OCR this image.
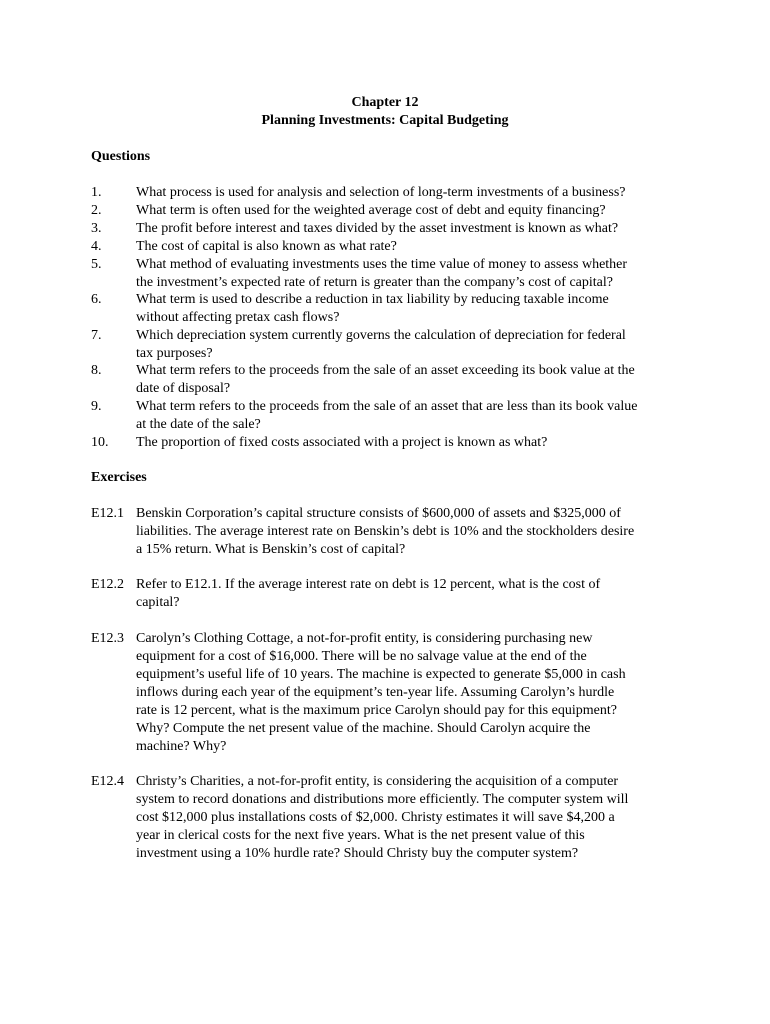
Chapter 12
Planning Investments: Capital Budgeting
Questions
1. What process is used for analysis and selection of long-term investments of a business?
2. What term is often used for the weighted average cost of debt and equity financing?
3. The profit before interest and taxes divided by the asset investment is known as what?
4. The cost of capital is also known as what rate?
5. What method of evaluating investments uses the time value of money to assess whether
the investment’s expected rate of return is greater than the company’s cost of capital?
6. What term is used to describe a reduction in tax liability by reducing taxable income
without affecting pretax cash flows?
7. Which depreciation system currently governs the calculation of depreciation for federal
tax purposes?
8. What term refers to the proceeds from the sale of an asset exceeding its book value at the
date of disposal?
9. What term refers to the proceeds from the sale of an asset that are less than its book value
at the date of the sale?
10. The proportion of fixed costs associated with a project is known as what?
Exercises
E12.1 Benskin Corporation’s capital structure consists of $600,000 of assets and $325,000 of
liabilities. The average interest rate on Benskin’s debt is 10% and the stockholders desire
a 15% return. What is Benskin’s cost of capital?
E12.2 Refer to E12.1. If the average interest rate on debt is 12 percent, what is the cost of
capital?
E12.3 Carolyn’s Clothing Cottage, a not-for-profit entity, is considering purchasing new
equipment for a cost of $16,000. There will be no salvage value at the end of the
equipment’s useful life of 10 years. The machine is expected to generate $5,000 in cash
inflows during each year of the equipment’s ten-year life. Assuming Carolyn’s hurdle
rate is 12 percent, what is the maximum price Carolyn should pay for this equipment?
Why? Compute the net present value of the machine. Should Carolyn acquire the
machine? Why?
E12.4 Christy’s Charities, a not-for-profit entity, is considering the acquisition of a computer
system to record donations and distributions more efficiently. The computer system will
cost $12,000 plus installations costs of $2,000. Christy estimates it will save $4,200 a
year in clerical costs for the next five years. What is the net present value of this
investment using a 10% hurdle rate? Should Christy buy the computer system?
